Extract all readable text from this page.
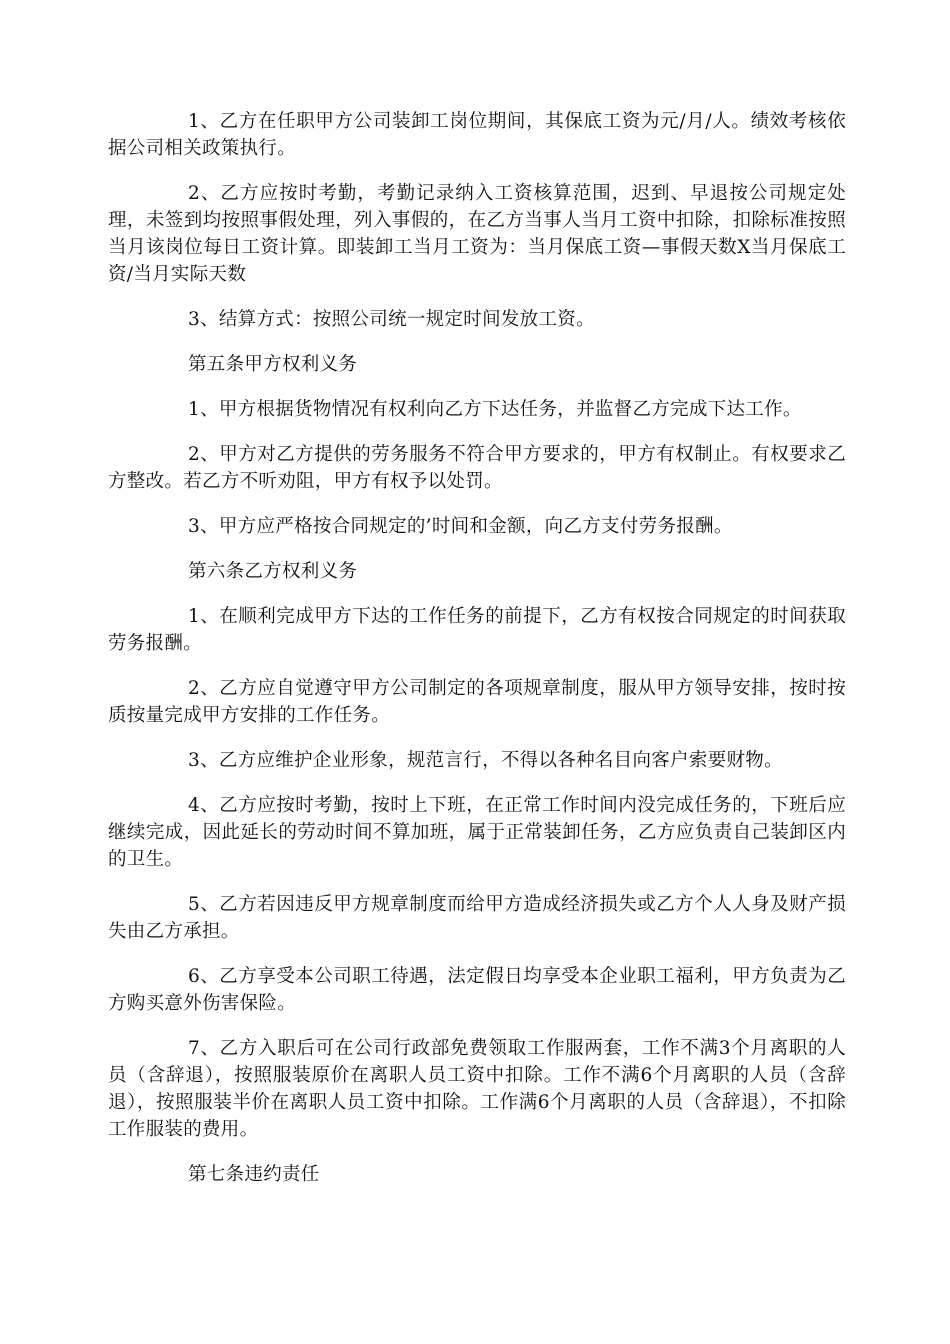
1、乙方在任职甲方公司装卸工岗位期间，其保底工资为元/月/人。绩效考核依据公司相关政策执行。

2、乙方应按时考勤，考勤记录纳入工资核算范围，迟到、早退按公司规定处理，未签到均按照事假处理，列入事假的，在乙方当事人当月工资中扣除，扣除标准按照当月该岗位每日工资计算。即装卸工当月工资为：当月保底工资—事假天数X当月保底工资/当月实际天数

3、结算方式：按照公司统一规定时间发放工资。

第五条甲方权利义务

1、甲方根据货物情况有权利向乙方下达任务，并监督乙方完成下达工作。

2、甲方对乙方提供的劳务服务不符合甲方要求的，甲方有权制止。有权要求乙方整改。若乙方不听劝阻，甲方有权予以处罚。

3、甲方应严格按合同规定的’时间和金额，向乙方支付劳务报酬。

第六条乙方权利义务

1、在顺利完成甲方下达的工作任务的前提下，乙方有权按合同规定的时间获取劳务报酬。

2、乙方应自觉遵守甲方公司制定的各项规章制度，服从甲方领导安排，按时按质按量完成甲方安排的工作任务。

3、乙方应维护企业形象，规范言行，不得以各种名目向客户索要财物。

4、乙方应按时考勤，按时上下班，在正常工作时间内没完成任务的，下班后应继续完成，因此延长的劳动时间不算加班，属于正常装卸任务，乙方应负责自己装卸区内的卫生。

5、乙方若因违反甲方规章制度而给甲方造成经济损失或乙方个人人身及财产损失由乙方承担。

6、乙方享受本公司职工待遇，法定假日均享受本企业职工福利，甲方负责为乙方购买意外伤害保险。

7、乙方入职后可在公司行政部免费领取工作服两套，工作不满3个月离职的人员（含辞退），按照服装原价在离职人员工资中扣除。工作不满6个月离职的人员（含辞退），按照服装半价在离职人员工资中扣除。工作满6个月离职的人员（含辞退），不扣除工作服装的费用。

第七条违约责任
